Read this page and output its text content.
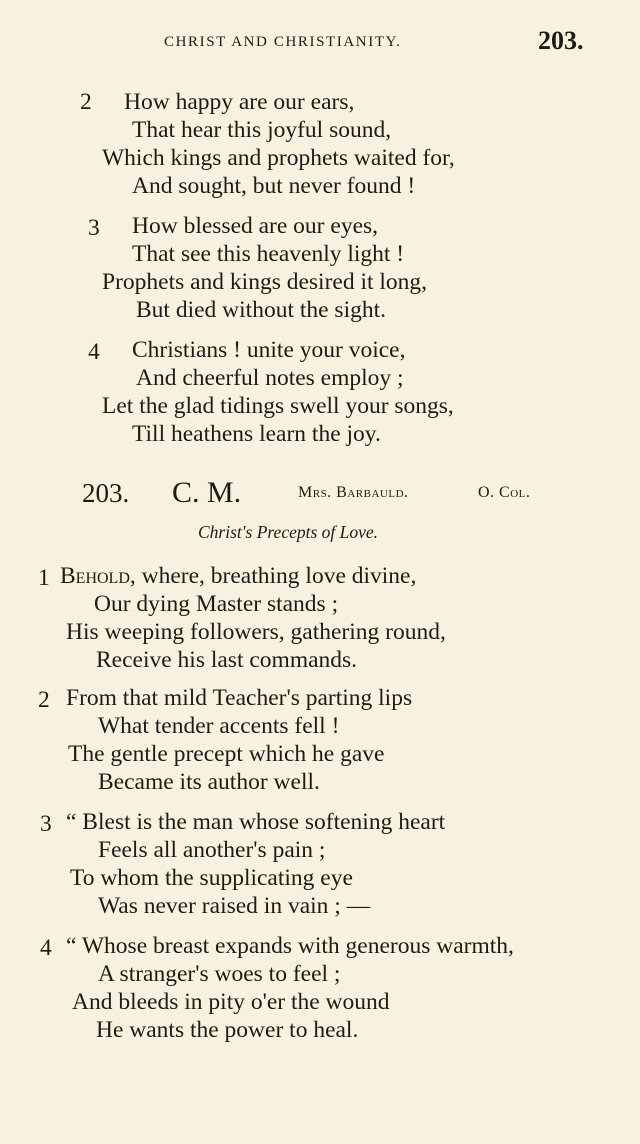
CHRIST AND CHRISTIANITY.	203.
2 How happy are our ears,
That hear this joyful sound,
Which kings and prophets waited for,
And sought, but never found !
3 How blessed are our eyes,
That see this heavenly light !
Prophets and kings desired it long,
But died without the sight.
4 Christians ! unite your voice,
And cheerful notes employ ;
Let the glad tidings swell your songs,
Till heathens learn the joy.
203. C. M.	Mrs. Barbauld.	O. Col.
Christ's Precepts of Love.
1 Behold, where, breathing love divine,
Our dying Master stands ;
His weeping followers, gathering round,
Receive his last commands.
2 From that mild Teacher's parting lips
What tender accents fell !
The gentle precept which he gave
Became its author well.
3 “ Blest is the man whose softening heart
Feels all another's pain ;
To whom the supplicating eye
Was never raised in vain ; —
4 “ Whose breast expands with generous warmth,
A stranger's woes to feel ;
And bleeds in pity o'er the wound
He wants the power to heal.
